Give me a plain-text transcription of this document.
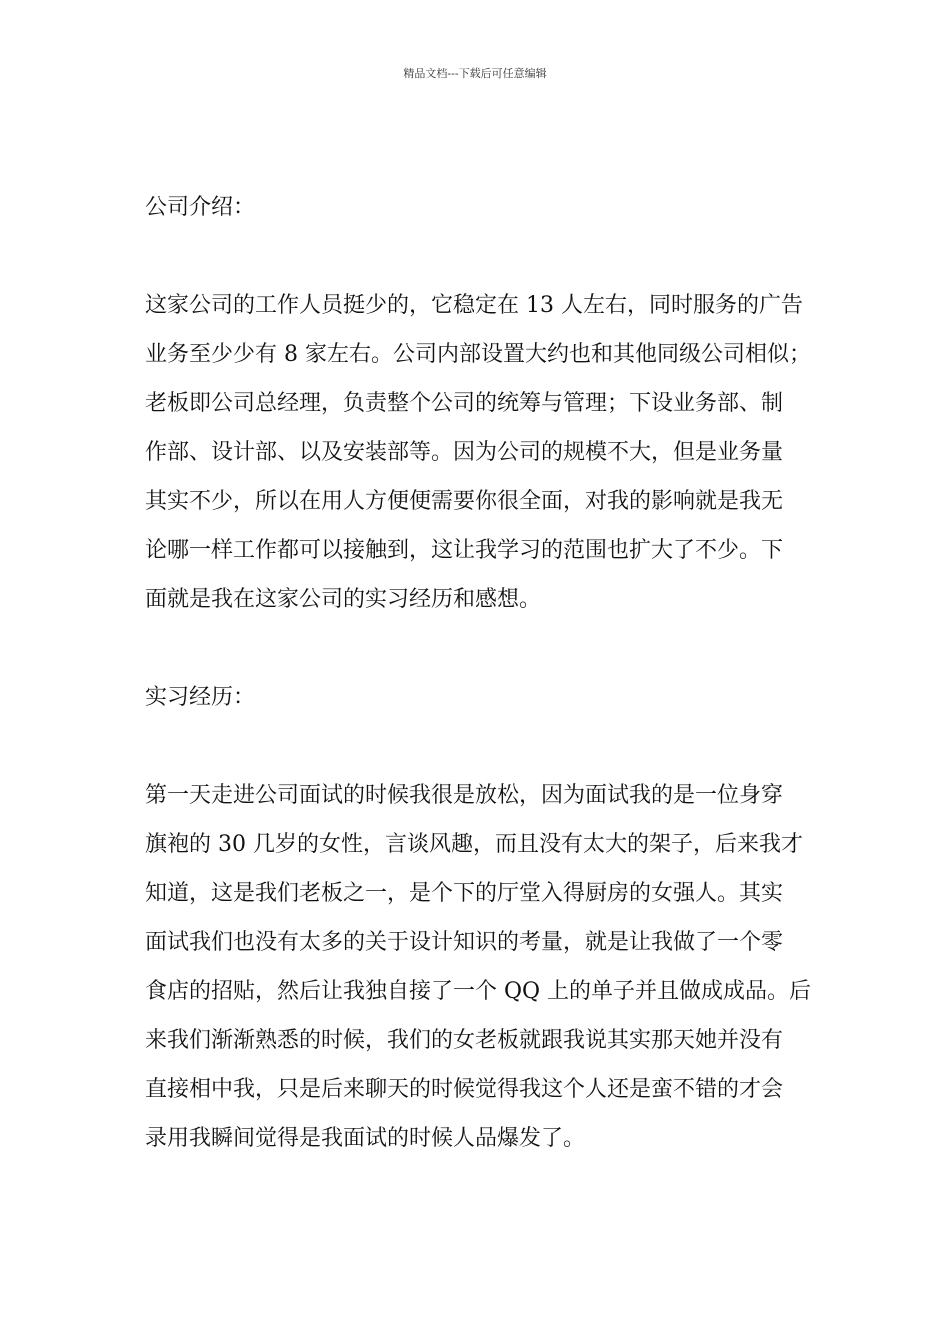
精品文档---下载后可任意编辑
公司介绍：
这家公司的工作人员挺少的，它稳定在 13 人左右，同时服务的广告
业务至少少有 8 家左右。公司内部设置大约也和其他同级公司相似；
老板即公司总经理，负责整个公司的统筹与管理；下设业务部、制
作部、设计部、以及安装部等。因为公司的规模不大，但是业务量
其实不少，所以在用人方便便需要你很全面，对我的影响就是我无
论哪一样工作都可以接触到，这让我学习的范围也扩大了不少。下
面就是我在这家公司的实习经历和感想。
实习经历：
第一天走进公司面试的时候我很是放松，因为面试我的是一位身穿
旗袍的 30 几岁的女性，言谈风趣，而且没有太大的架子，后来我才
知道，这是我们老板之一，是个下的厅堂入得厨房的女强人。其实
面试我们也没有太多的关于设计知识的考量，就是让我做了一个零
食店的招贴，然后让我独自接了一个 QQ 上的单子并且做成成品。后
来我们渐渐熟悉的时候，我们的女老板就跟我说其实那天她并没有
直接相中我，只是后来聊天的时候觉得我这个人还是蛮不错的才会
录用我瞬间觉得是我面试的时候人品爆发了。
